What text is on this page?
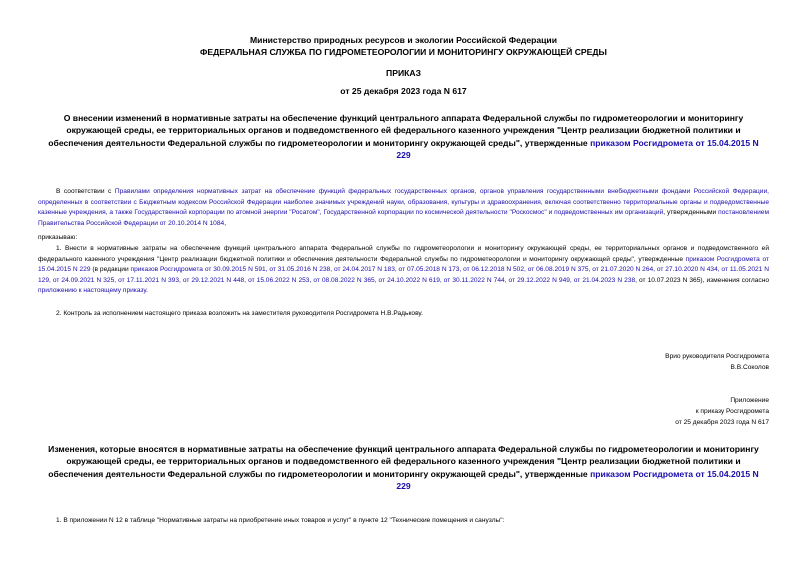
Министерство природных ресурсов и экологии Российской Федерации
ФЕДЕРАЛЬНАЯ СЛУЖБА ПО ГИДРОМЕТЕОРОЛОГИИ И МОНИТОРИНГУ ОКРУЖАЮЩЕЙ СРЕДЫ
ПРИКАЗ
от 25 декабря 2023 года N 617
О внесении изменений в нормативные затраты на обеспечение функций центрального аппарата Федеральной службы по гидрометеорологии и мониторингу окружающей среды, ее территориальных органов и подведомственного ей федерального казенного учреждения "Центр реализации бюджетной политики и обеспечения деятельности Федеральной службы по гидрометеорологии и мониторингу окружающей среды", утвержденные приказом Росгидромета от 15.04.2015 N 229
В соответствии с Правилами определения нормативных затрат на обеспечение функций федеральных государственных органов, органов управления государственными внебюджетными фондами Российской Федерации, определенных в соответствии с Бюджетным кодексом Российской Федерации наиболее значимых учреждений науки, образования, культуры и здравоохранения, включая соответственно территориальные органы и подведомственные казенные учреждения, а также Государственной корпорации по атомной энергии "Росатом", Государственной корпорации по космической деятельности "Роскосмос" и подведомственных им организаций, утвержденными постановлением Правительства Российской Федерации от 20.10.2014 N 1084,
приказываю:
1. Внести в нормативные затраты на обеспечение функций центрального аппарата Федеральной службы по гидрометеорологии и мониторингу окружающей среды, ее территориальных органов и подведомственного ей федерального казенного учреждения "Центр реализации бюджетной политики и обеспечения деятельности Федеральной службы по гидрометеорологии и мониторингу окружающей среды", утвержденные приказом Росгидромета от 15.04.2015 N 229 (в редакции приказов Росгидромета от 30.09.2015 N 591, от 31.05.2016 N 238, от 24.04.2017 N 183, от 07.05.2018 N 173, от 06.12.2018 N 502, от 06.08.2019 N 375, от 21.07.2020 N 264, от 27.10.2020 N 434, от 11.05.2021 N 129, от 24.09.2021 N 325, от 17.11.2021 N 393, от 29.12.2021 N 448, от 15.06.2022 N 253, от 08.08.2022 N 365, от 24.10.2022 N 619, от 30.11.2022 N 744, от 29.12.2022 N 949, от 21.04.2023 N 238, от 10.07.2023 N 365), изменения согласно приложению к настоящему приказу.
2. Контроль за исполнением настоящего приказа возложить на заместителя руководителя Росгидромета Н.В.Радькову.
Врио руководителя Росгидромета
В.В.Соколов
Приложение
к приказу Росгидромета
от 25 декабря 2023 года N 617
Изменения, которые вносятся в нормативные затраты на обеспечение функций центрального аппарата Федеральной службы по гидрометеорологии и мониторингу окружающей среды, ее территориальных органов и подведомственного ей федерального казенного учреждения "Центр реализации бюджетной политики и обеспечения деятельности Федеральной службы по гидрометеорологии и мониторингу окружающей среды", утвержденные приказом Росгидромета от 15.04.2015 N 229
1. В приложении N 12 в таблице "Нормативные затраты на приобретение иных товаров и услуг" в пункте 12 "Технические помещения и санузлы":
